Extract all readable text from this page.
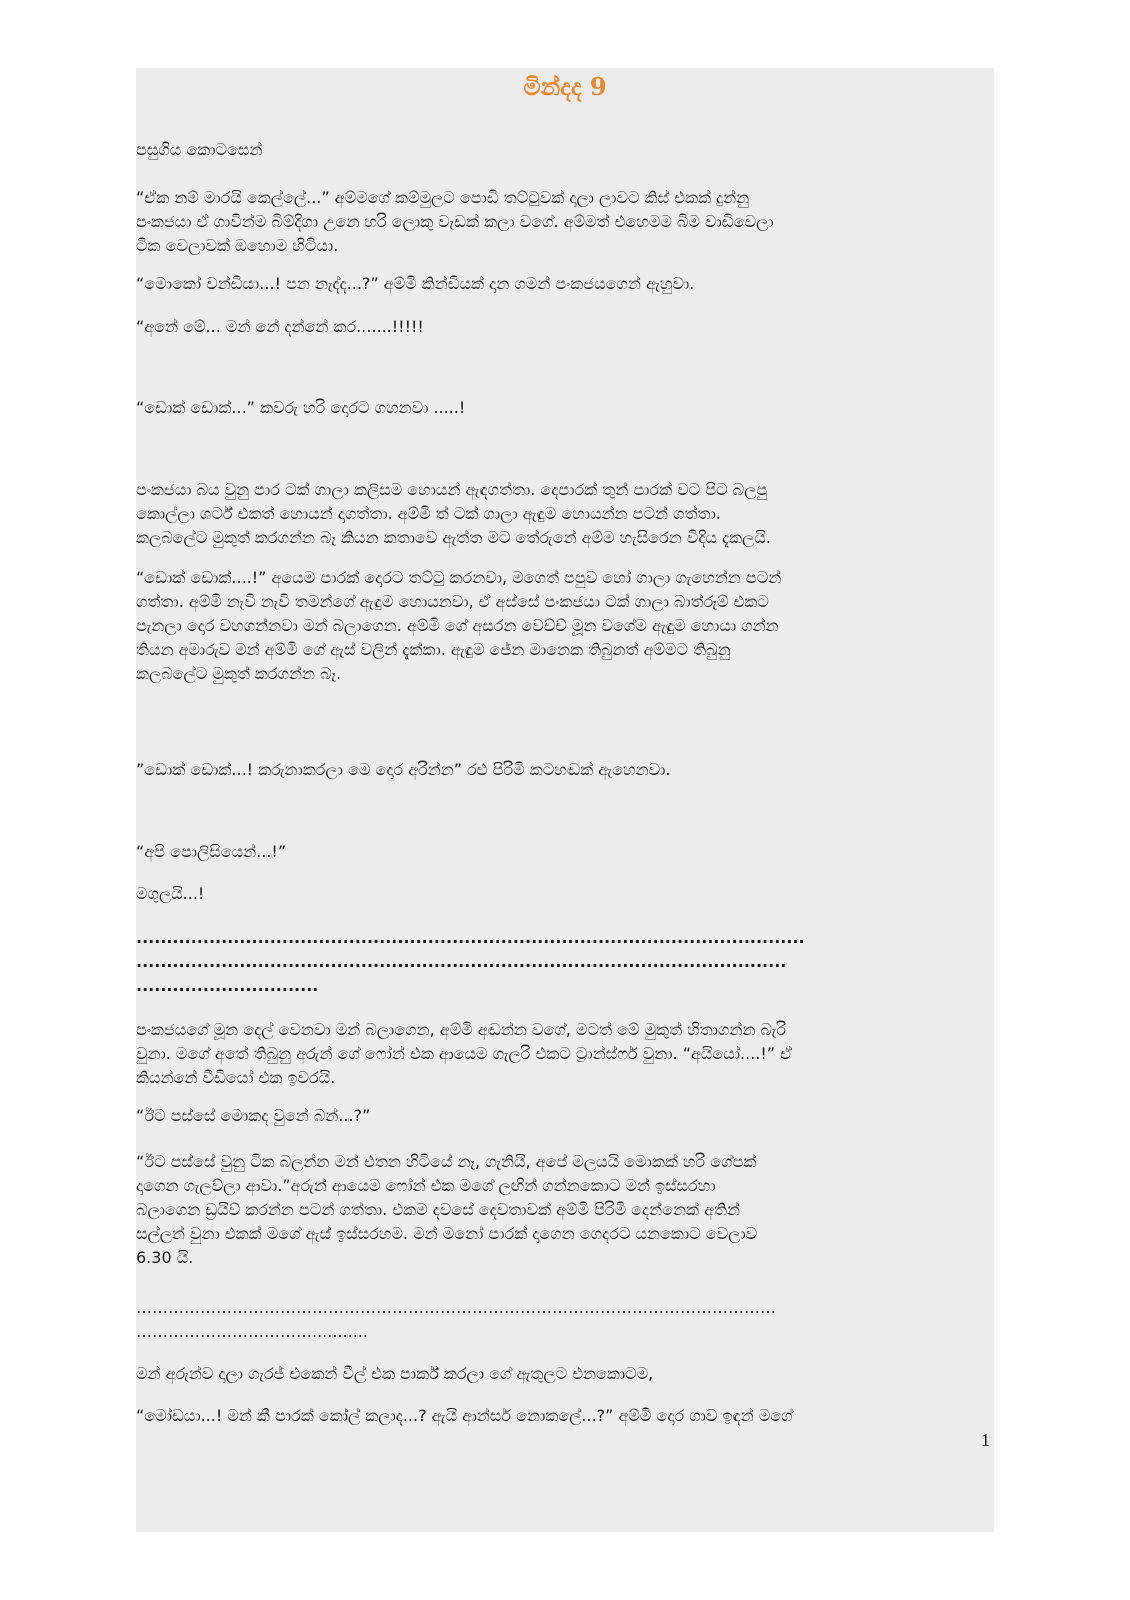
මින්දද 9
පසුගිය කොටසෙන්
“ඒක නම් මාරයි කෙල්ලේ...” අම්මගේ කම්මුලට පොඩි තට්ටුවක් දාලා ලාවට කිස් එකක් දුන්නු
පංකජයා ඒ ගාවින්ම බිම්දිගා උනෙ හරි ලොකු වැඩක් කලා වගේ. අම්මත් එහෙමම බිම වාඩිවෙලා
ටික වෙලාවක් ඔහොම හිටියා.
“මොකෝ වන්ඩියා...! පන නැද්ද...?” අම්මි කින්ඩියක් දාන ගමන් පංකජයගෙන් ඇහුවා.
“අනේ මේ... මන් නේ දන්නේ කර.......!!!!!
“ඩොක් ඩොක්...” කවරු හරි දොරට ගහනවා .....!
පංකජයා බය වුනු පාර ටක් ගාලා කලිසම හොයන් ඇඳගත්තා. දෙපාරක් තුන් පාරක් වට පිට බලපු
කොල්ලා ශර්ට් එකත් හොයන් දාගත්තා. අම්මි ත් ටක් ගාලා ඇඳුම හොයන්න පටන් ගත්තා.
කලබලේට මුකුත් කරගන්න බෑ කියන කතාවෙ ඇත්ත මට තේරුනේ අම්ම හැසිරෙන විදිය දැකලයි.
“ඩොක් ඩොක්....!” අයෙම පාරක් දොරට තට්ටු කරනවා, මගෙත් පපුව හෝ ගාලා ගැහෙන්න පටන්
ගත්තා. අම්මි නැවි නැවි තමන්ගේ ඇඳුම හොයනවා, ඒ අස්සේ පංකජයා ටක් ගාලා බාත්රූම් එකට
පැනලා දොර වහගන්නවා මන් බලාගෙන. අම්මි ගේ අසරන වෙච්ච් මූන වගේම ඇඳුම හොයා ගන්න
තියන අමාරුව මන් අම්මි ගේ ඇස් වලින් දැක්කා. ඇඳුම ජේන මානෙක තිබුනත් අම්මට තිබුනු
කලබලේට මුකුත් කරගන්න බෑ.
”ඩොක් ඩොක්...! කරුනාකරලා මෙ දොර අරින්න” රළු පිරිමි කටහඬක් ඇහෙනවා.
“අපි පොලිසියෙන්...!”
මගුලයි...!
..............................................................................................................
...........................................................................................................
..............................
පංකජයගේ මූන දෙල් වෙනවා මන් බලාගෙන, අම්මි අඬන්න වගේ, මටත් මේ මුකුත් හිතාගන්න බැරි
වුනා. මගේ අතේ තිබුනු අරුන් ගේ ෆෝන් එක ආයෙම ගැලරි එකට ට්‍රාන්ස්ෆර් වුනා. “අයියෝ....!” ඒ
කියන්නේ වීඩියෝ එක ඉවරයි.
“ඊට පස්සේ මොකද වුනේ බන්...?”
“ඊට පස්සේ වුනු ටික බලන්න මන් එතන හිටියේ නෑ, ගැනියි, අපේ මලයයි මොකක් හරි ගේපක්
දාගෙන ගැලව්ලා ආවා.”අරුන් ආයෙම ෆෝන් එක මගේ ලඟින් ගන්නකොට මන් ඉස්සරහා
බලාගෙන ඩ්‍රයිව් කරන්න පටන් ගත්තා. එකම දවසේ දෙවතාවක් අම්මි පිරිමි දෙන්නෙක් අතින්
සල්ලන් වුනා එකක් මගේ ඇස් ඉස්සරහම. මන් මනෝ පාරක් දාගෙන ගෙදරට යනකොට වෙලාව
6.30 යි.
…………………………………………………………………………………………………………
……………………………...........
මන් අරුන්ව දාලා ගැරජ් එකෙන් වීල් එක පාර්ක් කරලා ගේ ඇතුලට එනකොටම,
“මෝඩයා...! මන් කී පාරක් කෝල් කලාද...? ඇයි ආන්සර් නොකලේ...?” අම්මි දොර ගාව ඉඳන් මගේ
1
